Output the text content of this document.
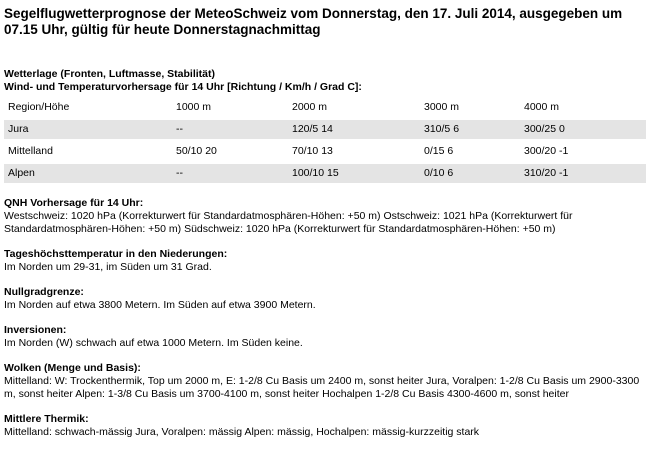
Segelflugwetterprognose der MeteoSchweiz vom Donnerstag, den 17. Juli 2014, ausgegeben um 07.15 Uhr, gültig für heute Donnerstagnachmittag
Wetterlage (Fronten, Luftmasse, Stabilität)
Wind- und Temperaturvorhersage für 14 Uhr [Richtung / Km/h / Grad C]:
Region/Höhe	1000 m	2000 m	3000 m	4000 m

Jura	--	120/5 14	310/5 6	300/25 0

Mittelland	50/10 20	70/10 13	0/15 6	300/20 -1

Alpen	--	100/10 15	0/10 6	310/20 -1
QNH Vorhersage für 14 Uhr:

Westschweiz: 1020 hPa (Korrekturwert für Standardatmosphären-Höhen: +50 m) Ostschweiz: 1021 hPa (Korrekturwert für Standardatmosphären-Höhen: +50 m) Südschweiz: 1020 hPa (Korrekturwert für Standardatmosphären-Höhen: +50 m)

Tageshöchsttemperatur in den Niederungen:

Im Norden um 29-31, im Süden um 31 Grad.

Nullgradgrenze:

Im Norden auf etwa 3800 Metern. Im Süden auf etwa 3900 Metern.

Inversionen:

Im Norden (W) schwach auf etwa 1000 Metern. Im Süden keine.

Wolken (Menge und Basis):

Mittelland: W: Trockenthermik, Top um 2000 m, E: 1-2/8 Cu Basis um 2400 m, sonst heiter Jura, Voralpen: 1-2/8 Cu Basis um 2900-3300 m, sonst heiter Alpen: 1-3/8 Cu Basis um 3700-4100 m, sonst heiter Hochalpen 1-2/8 Cu Basis 4300-4600 m, sonst heiter

Mittlere Thermik:

Mittelland: schwach-mässig Jura, Voralpen: mässig Alpen: mässig, Hochalpen: mässig-kurzzeitig stark
